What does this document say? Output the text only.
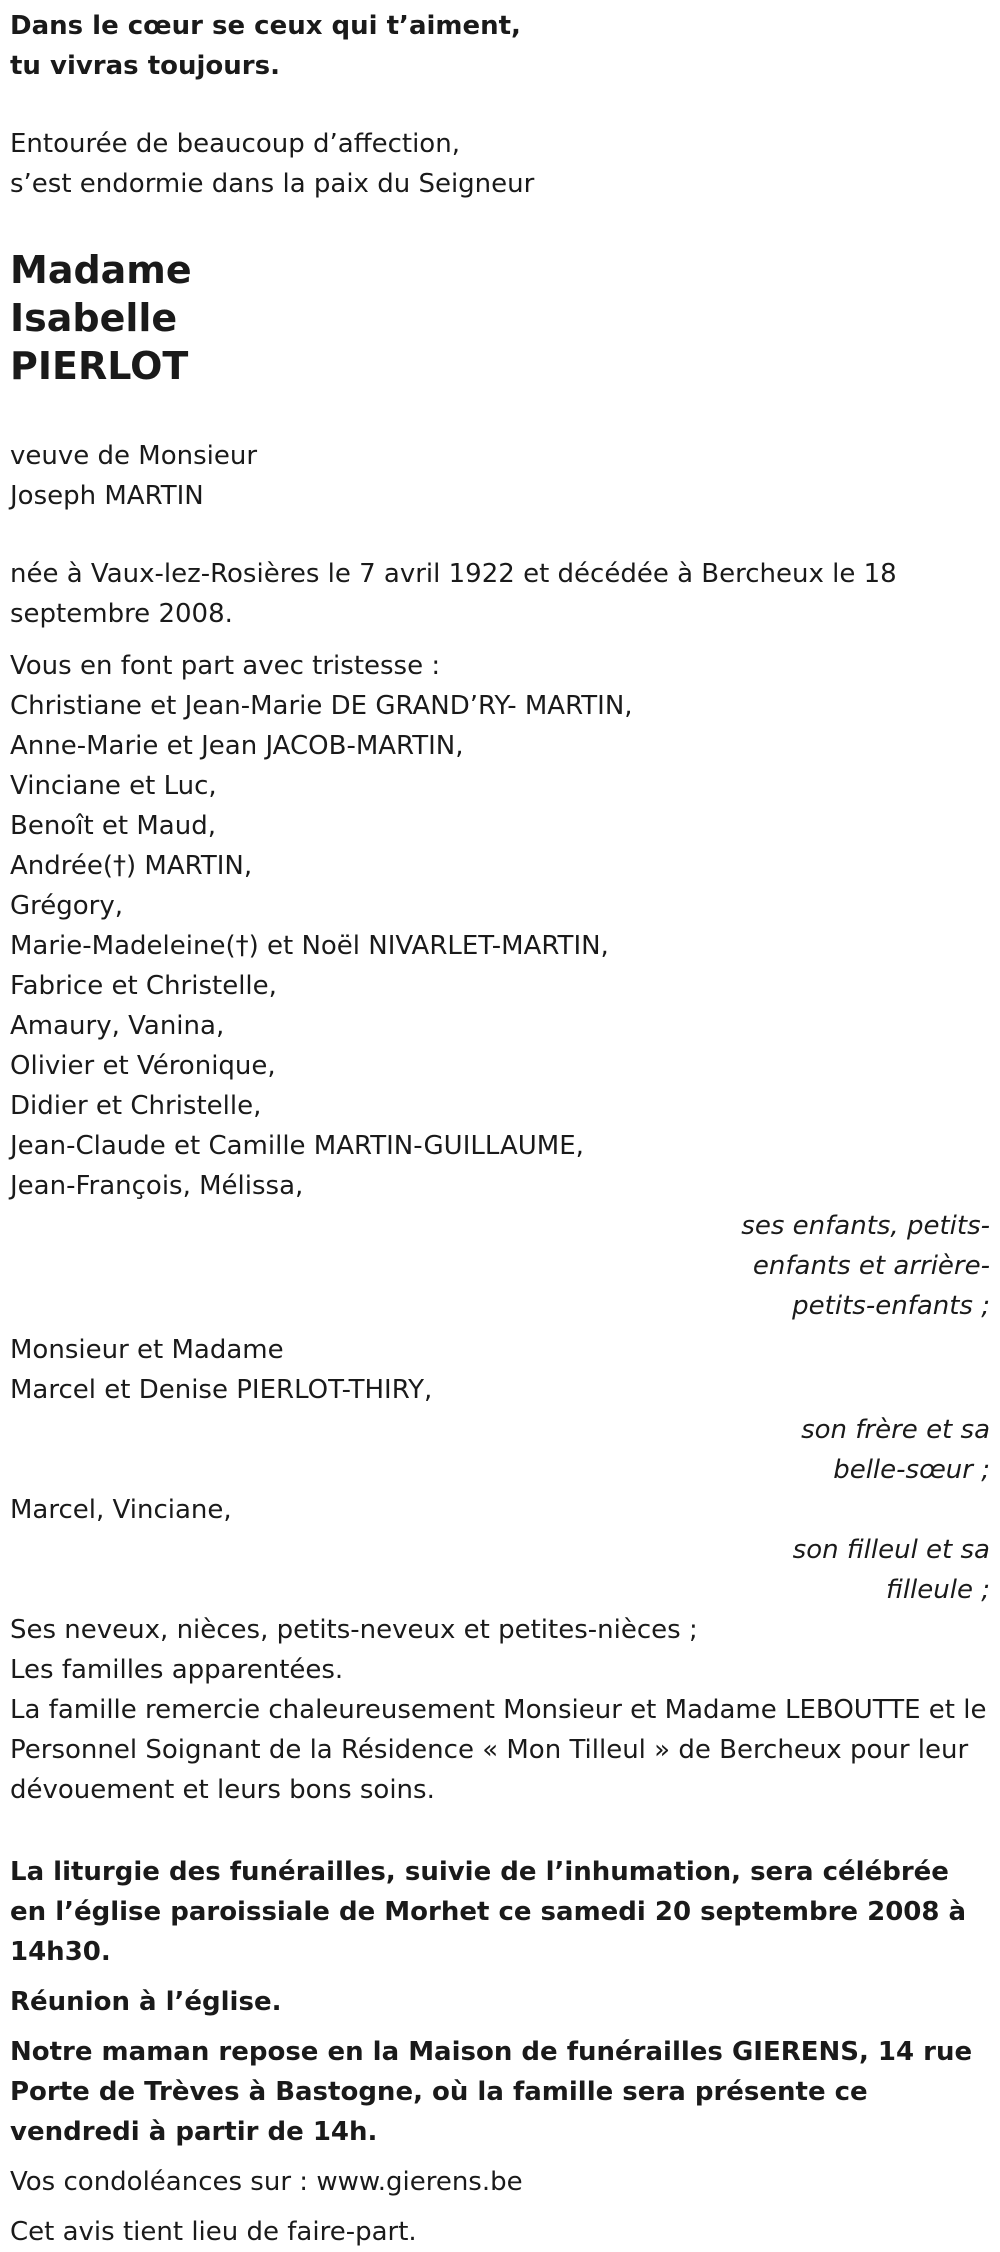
Dans le cœur se ceux qui t’aiment,
tu vivras toujours.
Entourée de beaucoup d’affection,
s’est endormie dans la paix du Seigneur
Madame
Isabelle
PIERLOT
veuve de Monsieur
Joseph MARTIN
née à Vaux-lez-Rosières le 7 avril 1922 et décédée à Bercheux le 18 septembre 2008.
Vous en font part avec tristesse :
Christiane et Jean-Marie DE GRAND’RY- MARTIN,
Anne-Marie et Jean JACOB-MARTIN,
Vinciane et Luc,
Benoît et Maud,
Andrée(†) MARTIN,
Grégory,
Marie-Madeleine(†) et Noël NIVARLET-MARTIN,
Fabrice et Christelle,
Amaury, Vanina,
Olivier et Véronique,
Didier et Christelle,
Jean-Claude et Camille MARTIN-GUILLAUME,
Jean-François, Mélissa,
ses enfants, petits-enfants et arrière-petits-enfants ;
Monsieur et Madame
Marcel et Denise PIERLOT-THIRY,
son frère et sa belle-sœur ;
Marcel, Vinciane,
son filleul et sa filleule ;
Ses neveux, nièces, petits-neveux et petites-nièces ;
Les familles apparentées.
La famille remercie chaleureusement Monsieur et Madame LEBOUTTE et le Personnel Soignant de la Résidence « Mon Tilleul » de Bercheux pour leur dévouement et leurs bons soins.
La liturgie des funérailles, suivie de l’inhumation, sera célébrée en l’église paroissiale de Morhet ce samedi 20 septembre 2008 à 14h30.
Réunion à l’église.
Notre maman repose en la Maison de funérailles GIERENS, 14 rue Porte de Trèves à Bastogne, où la famille sera présente ce vendredi à partir de 14h.
Vos condoléances sur : www.gierens.be
Cet avis tient lieu de faire-part.
